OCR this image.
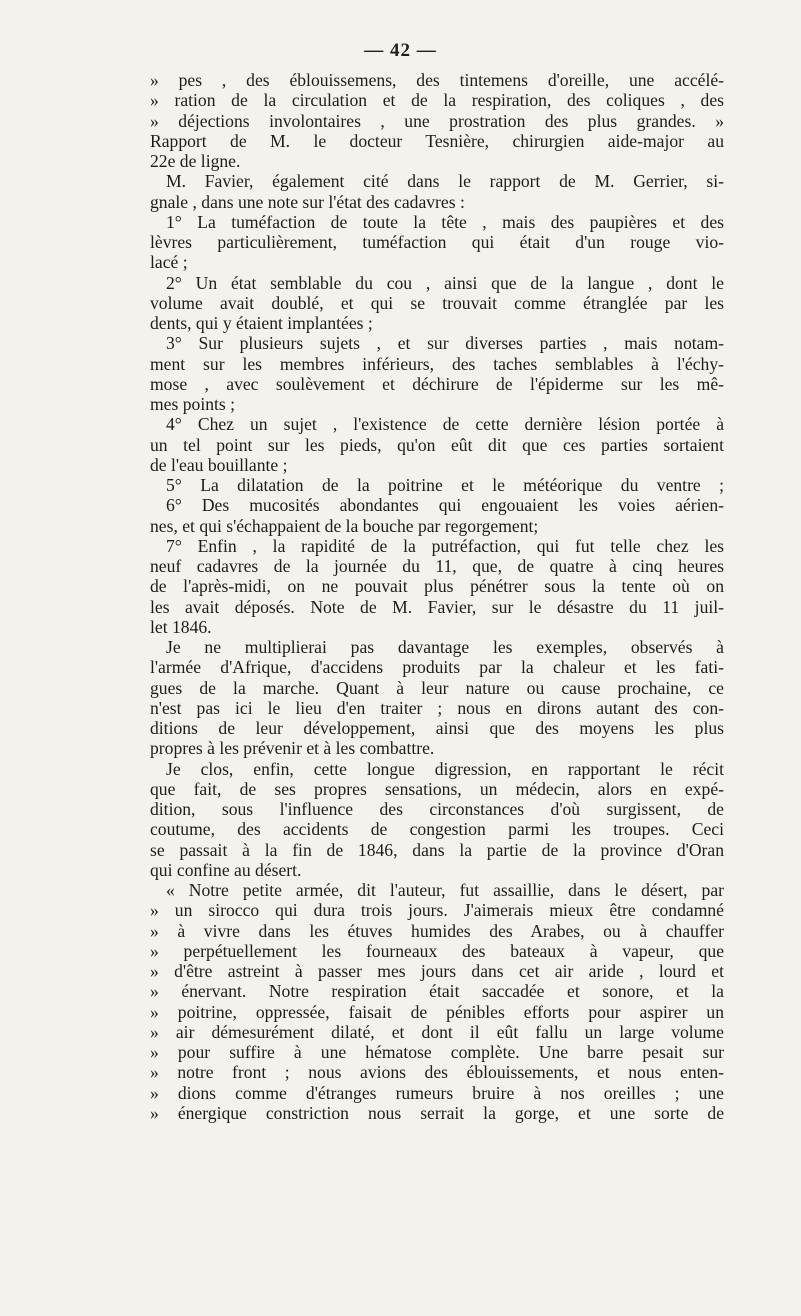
— 42 —
» pes , des éblouissemens, des tintemens d'oreille, une accélé-
» ration de la circulation et de la respiration, des coliques , des
» déjections involontaires , une prostration des plus grandes. »
Rapport de M. le docteur Tesnière, chirurgien aide-major au
22e de ligne.
M. Favier, également cité dans le rapport de M. Gerrier, si-
gnale , dans une note sur l'état des cadavres :
1° La tuméfaction de toute la tête , mais des paupières et des
lèvres particulièrement, tuméfaction qui était d'un rouge vio-
lacé ;
2° Un état semblable du cou , ainsi que de la langue , dont le
volume avait doublé, et qui se trouvait comme étranglée par les
dents, qui y étaient implantées ;
3° Sur plusieurs sujets , et sur diverses parties , mais notam-
ment sur les membres inférieurs, des taches semblables à l'échy-
mose , avec soulèvement et déchirure de l'épiderme sur les mê-
mes points ;
4° Chez un sujet , l'existence de cette dernière lésion portée à
un tel point sur les pieds, qu'on eût dit que ces parties sortaient
de l'eau bouillante ;
5° La dilatation de la poitrine et le météorique du ventre ;
6° Des mucosités abondantes qui engouaient les voies aérien-
nes, et qui s'échappaient de la bouche par regorgement;
7° Enfin , la rapidité de la putréfaction, qui fut telle chez les
neuf cadavres de la journée du 11, que, de quatre à cinq heures
de l'après-midi, on ne pouvait plus pénétrer sous la tente où on
les avait déposés. Note de M. Favier, sur le désastre du 11 juil-
let 1846.
Je ne multiplierai pas davantage les exemples, observés à
l'armée d'Afrique, d'accidens produits par la chaleur et les fati-
gues de la marche. Quant à leur nature ou cause prochaine, ce
n'est pas ici le lieu d'en traiter ; nous en dirons autant des con-
ditions de leur développement, ainsi que des moyens les plus
propres à les prévenir et à les combattre.
Je clos, enfin, cette longue digression, en rapportant le récit
que fait, de ses propres sensations, un médecin, alors en expé-
dition, sous l'influence des circonstances d'où surgissent, de
coutume, des accidents de congestion parmi les troupes. Ceci
se passait à la fin de 1846, dans la partie de la province d'Oran
qui confine au désert.
« Notre petite armée, dit l'auteur, fut assaillie, dans le désert, par
» un sirocco qui dura trois jours. J'aimerais mieux être condamné
» à vivre dans les étuves humides des Arabes, ou à chauffer
» perpétuellement les fourneaux des bateaux à vapeur, que
» d'être astreint à passer mes jours dans cet air aride , lourd et
» énervant. Notre respiration était saccadée et sonore, et la
» poitrine, oppressée, faisait de pénibles efforts pour aspirer un
» air démesurément dilaté, et dont il eût fallu un large volume
» pour suffire à une hématose complète. Une barre pesait sur
» notre front ; nous avions des éblouissements, et nous enten-
» dions comme d'étranges rumeurs bruire à nos oreilles ; une
» énergique constriction nous serrait la gorge, et une sorte de
